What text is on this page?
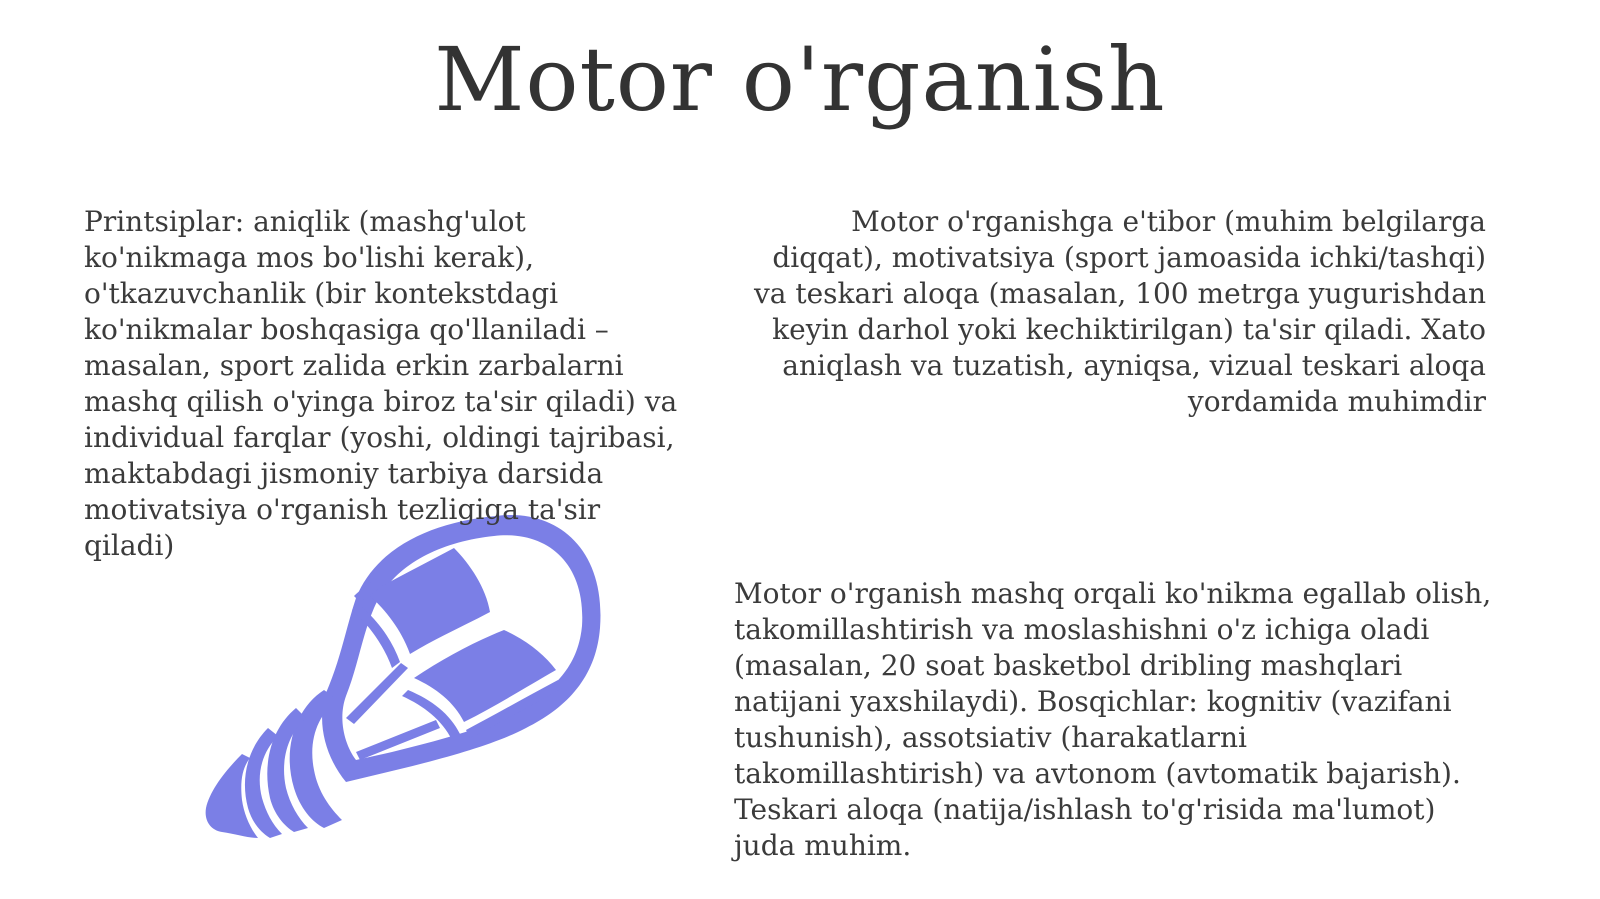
Motor o'rganish

Printsiplar: aniqlik (mashg'ulot ko'nikmaga mos bo'lishi kerak), o'tkazuvchanlik (bir kontekstdagi ko'nikmalar boshqasiga qo'llaniladi – masalan, sport zalida erkin zarbalarni mashq qilish o'yinga biroz ta'sir qiladi) va individual farqlar (yoshi, oldingi tajribasi, maktabdagi jismoniy tarbiya darsida motivatsiya o'rganish tezligiga ta'sir qiladi)

Motor o'rganishga e'tibor (muhim belgilarga diqqat), motivatsiya (sport jamoasida ichki/tashqi) va teskari aloqa (masalan, 100 metrga yugurishdan keyin darhol yoki kechiktirilgan) ta'sir qiladi. Xato aniqlash va tuzatish, ayniqsa, vizual teskari aloqa yordamida muhimdir

Motor o'rganish mashq orqali ko'nikma egallab olish, takomillashtirish va moslashishni o'z ichiga oladi (masalan, 20 soat basketbol dribling mashqlari natijani yaxshilaydi). Bosqichlar: kognitiv (vazifani tushunish), assotsiativ (harakatlarni takomillashtirish) va avtonom (avtomatik bajarish). Teskari aloqa (natija/ishlash to'g'risida ma'lumot) juda muhim.
